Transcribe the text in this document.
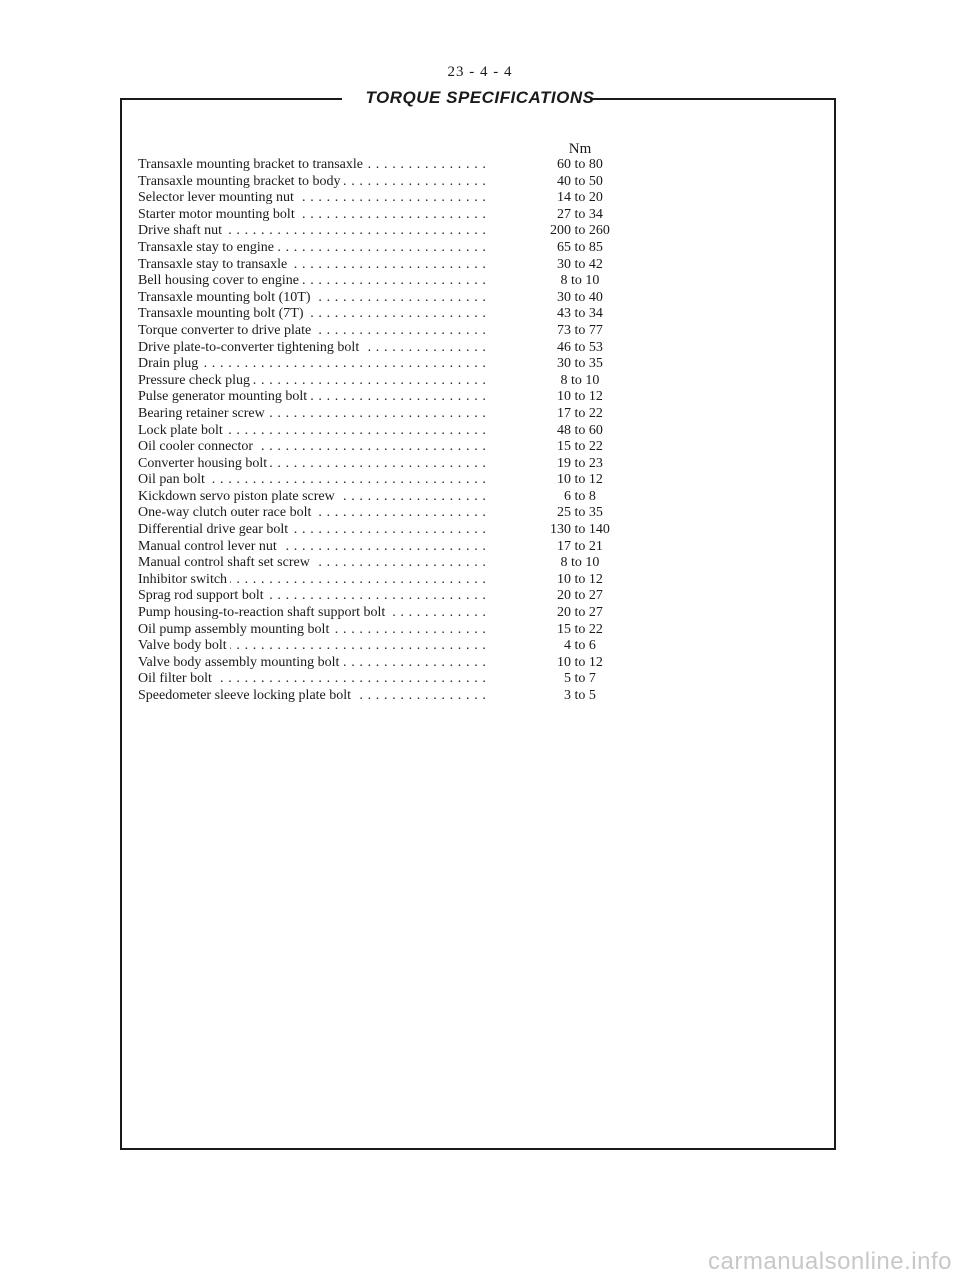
23 - 4 - 4
TORQUE SPECIFICATIONS
Nm
Transaxle mounting bracket to transaxle . . .	60 to 80
Transaxle mounting bracket to body . . .	40 to 50
Selector lever mounting nut . . .	14 to 20
Starter motor mounting bolt . . .	27 to 34
Drive shaft nut . . .	200 to 260
Transaxle stay to engine . . .	65 to 85
Transaxle stay to transaxle . . .	30 to 42
Bell housing cover to engine . . .	8 to 10
Transaxle mounting bolt (10T) . . .	30 to 40
Transaxle mounting bolt (7T) . . .	43 to 34
Torque converter to drive plate . . .	73 to 77
Drive plate-to-converter tightening bolt . . .	46 to 53
Drain plug . . .	30 to 35
Pressure check plug . . .	8 to 10
Pulse generator mounting bolt . . .	10 to 12
Bearing retainer screw . . .	17 to 22
Lock plate bolt . . .	48 to 60
Oil cooler connector . . .	15 to 22
Converter housing bolt . . .	19 to 23
Oil pan bolt . . .	10 to 12
Kickdown servo piston plate screw . . .	6 to 8
One-way clutch outer race bolt . . .	25 to 35
Differential drive gear bolt . . .	130 to 140
Manual control lever nut . . .	17 to 21
Manual control shaft set screw . . .	8 to 10
Inhibitor switch . . .	10 to 12
Sprag rod support bolt . . .	20 to 27
Pump housing-to-reaction shaft support bolt . . .	20 to 27
Oil pump assembly mounting bolt . . .	15 to 22
Valve body bolt . . .	4 to 6
Valve body assembly mounting bolt . . .	10 to 12
Oil filter bolt . . .	5 to 7
Speedometer sleeve locking plate bolt . . .	3 to 5
carmanualsonline.info
